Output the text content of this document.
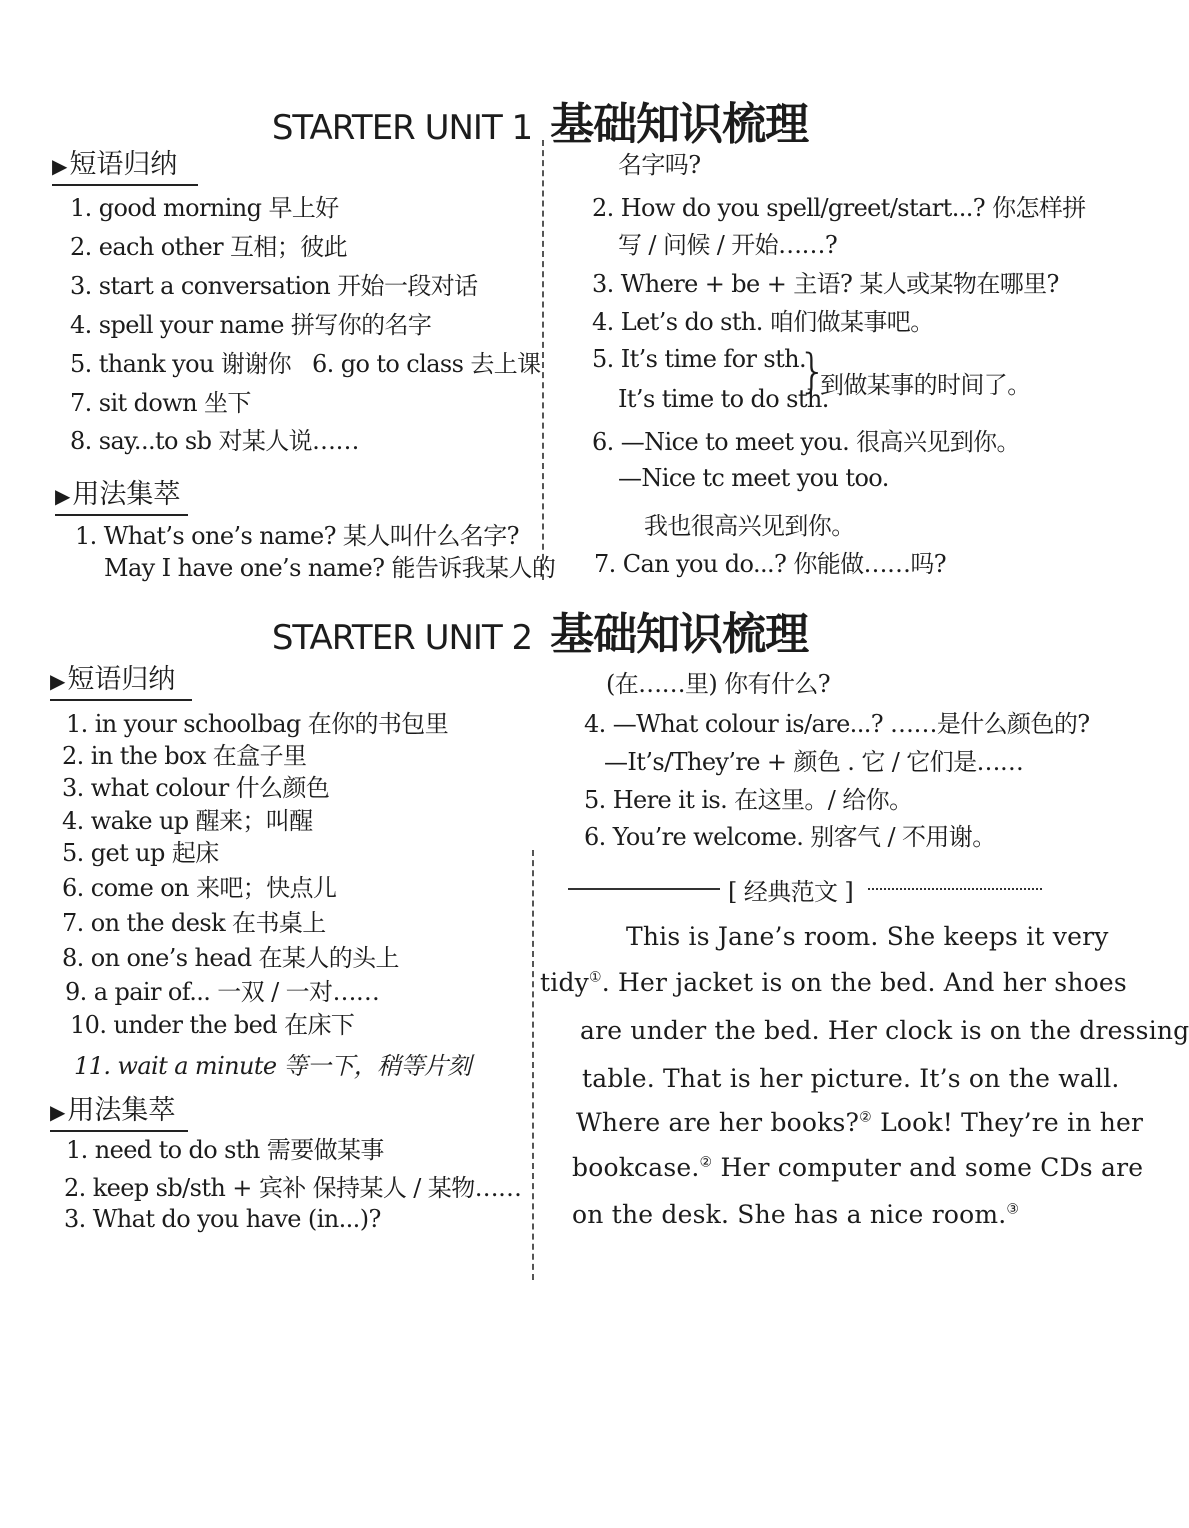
STARTER UNIT 1 基础知识梳理
▶短语归纳
1. good morning 早上好
2. each other 互相；彼此
3. start a conversation 开始一段对话
4. spell your name 拼写你的名字
5. thank you 谢谢你 6. go to class 去上课
7. sit down 坐下
8. say...to sb 对某人说……
▶用法集萃
1. What’s one’s name? 某人叫什么名字?
May I have one’s name? 能告诉我某人的
名字吗?
2. How do you spell/greet/start...? 你怎样拼
写 / 问候 / 开始……?
3. Where + be + 主语? 某人或某物在哪里?
4. Let’s do sth. 咱们做某事吧。
5. It’s time for sth.
It’s time to do sth.
}
到做某事的时间了。
6. —Nice to meet you. 很高兴见到你。
—Nice tc meet you too.
我也很高兴见到你。
7. Can you do...? 你能做……吗?
STARTER UNIT 2 基础知识梳理
▶短语归纳
1. in your schoolbag 在你的书包里
2. in the box 在盒子里
3. what colour 什么颜色
4. wake up 醒来；叫醒
5. get up 起床
6. come on 来吧；快点儿
7. on the desk 在书桌上
8. on one’s head 在某人的头上
9. a pair of... 一双 / 一对……
10. under the bed 在床下
11. wait a minute 等一下，稍等片刻
▶用法集萃
1. need to do sth 需要做某事
2. keep sb/sth + 宾补 保持某人 / 某物……
3. What do you have (in...)?
(在……里) 你有什么?
4. —What colour is/are...? ……是什么颜色的?
—It’s/They’re + 颜色 . 它 / 它们是……
5. Here it is. 在这里。/ 给你。
6. You’re welcome. 别客气 / 不用谢。
[ 经典范文 ]
This is Jane’s room. She keeps it very
tidy①. Her jacket is on the bed. And her shoes
are under the bed. Her clock is on the dressing
table. That is her picture. It’s on the wall.
Where are her books?② Look! They’re in her
bookcase.② Her computer and some CDs are
on the desk. She has a nice room.③
